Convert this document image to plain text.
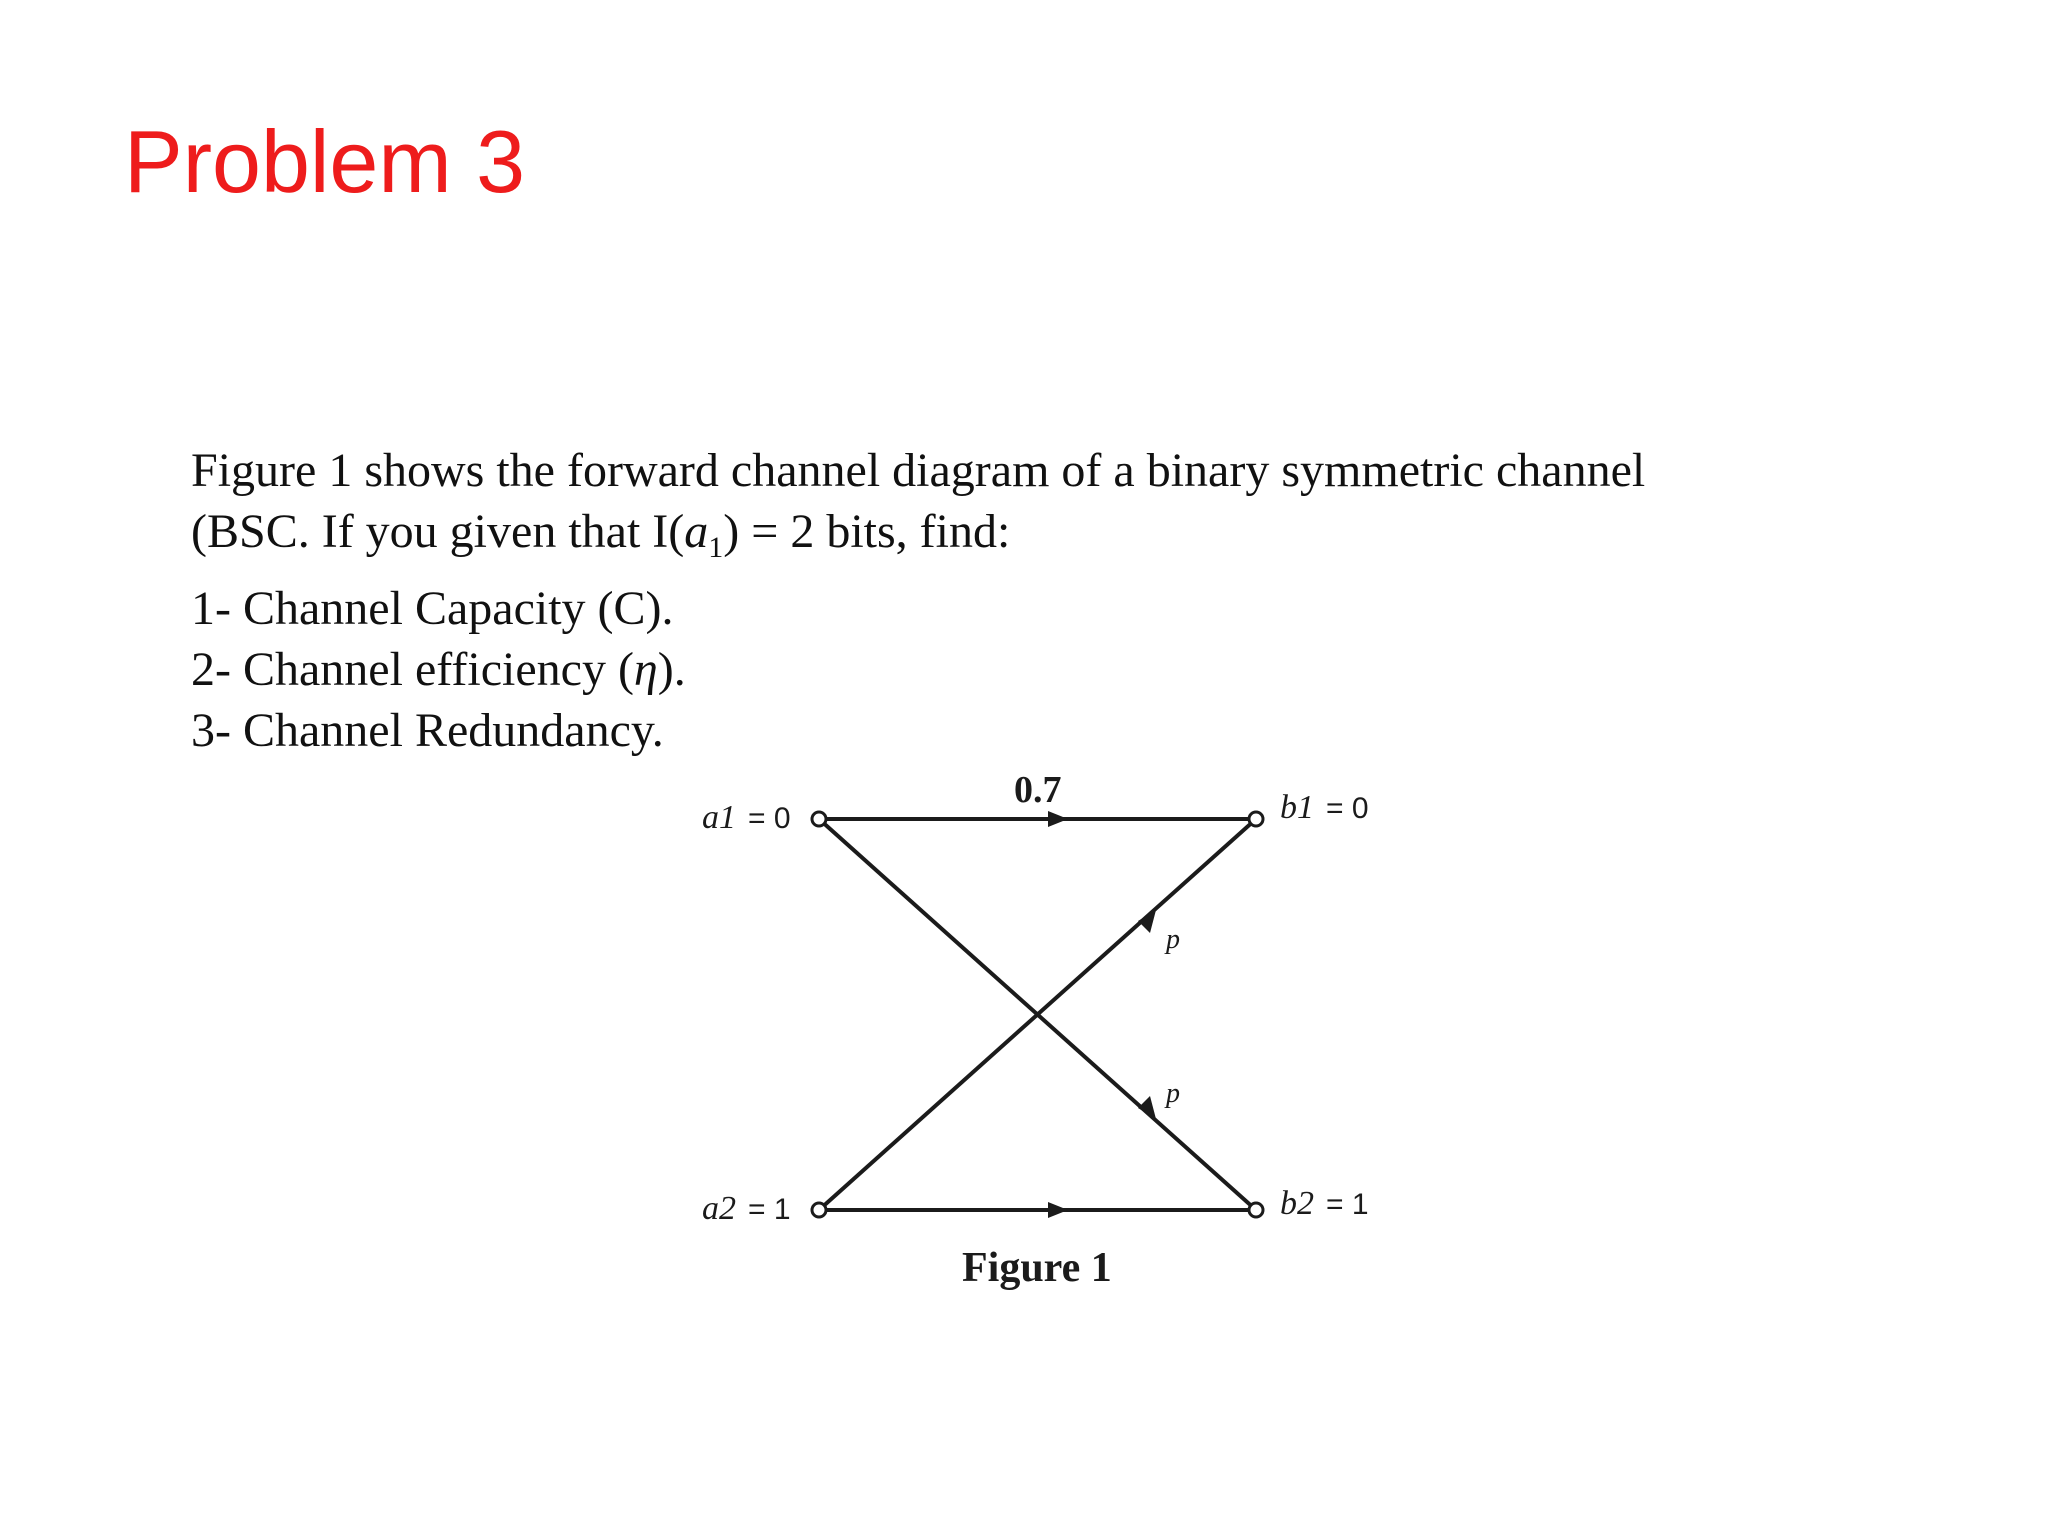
Problem 3
Figure 1 shows the forward channel diagram of a binary symmetric channel
(BSC. If you given that $I(a_1) = 2$ bits, find:
1- Channel Capacity (C).
2- Channel efficiency (η).
3- Channel Redundancy.
a1 = 0
a2 = 1
b1 = 0
b2 = 1
0.7
p
p
Figure 1
